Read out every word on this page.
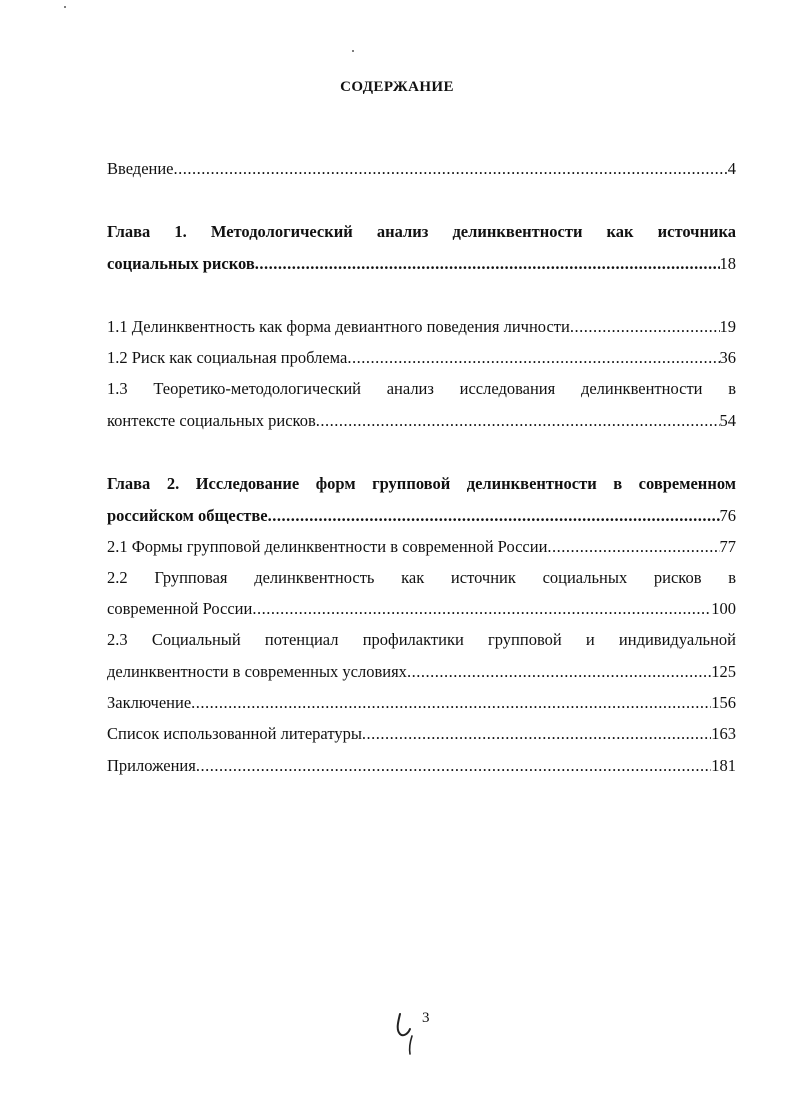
СОДЕРЖАНИЕ
Введение .....	4
Глава 1. Методологический анализ делинквентности как источника
социальных рисков .....	18
1.1 Делинквентность как форма девиантного поведения личности .....	19
1.2 Риск как социальная проблема .....	36
1.3 Теоретико-методологический анализ исследования делинквентности в
контексте социальных рисков .....	54
Глава 2. Исследование форм групповой делинквентности в современном
российском обществе .....	76
2.1 Формы групповой делинквентности в современной России .....	77
2.2 Групповая делинквентность как источник социальных рисков в
современной России .....	100
2.3 Социальный потенциал профилактики групповой и индивидуальной
делинквентности в современных условиях .....	125
Заключение .....	156
Список использованной литературы .....	163
Приложения .....	181
3
